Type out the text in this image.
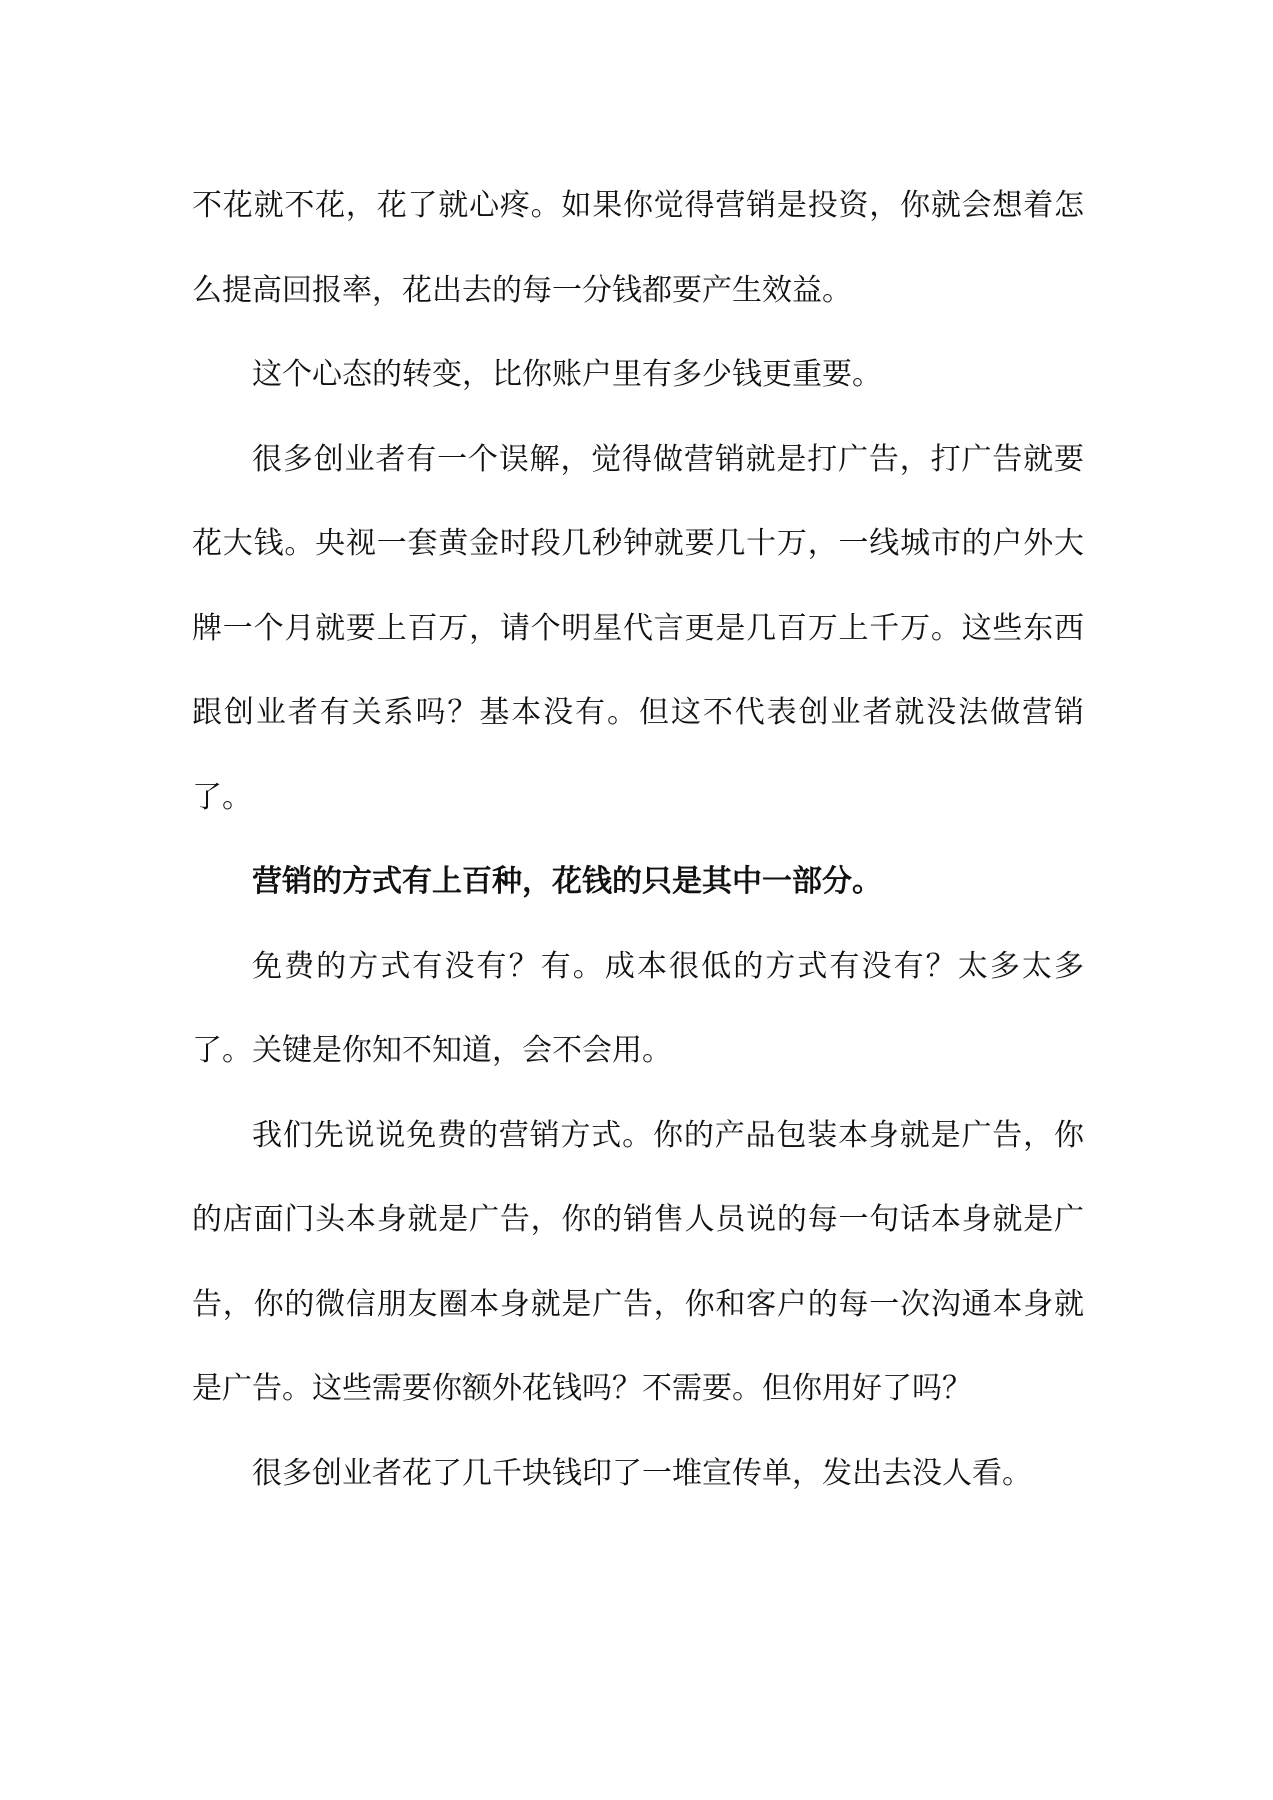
不花就不花，花了就心疼。如果你觉得营销是投资，你就会想着怎么提高回报率，花出去的每一分钱都要产生效益。

这个心态的转变，比你账户里有多少钱更重要。

很多创业者有一个误解，觉得做营销就是打广告，打广告就要花大钱。央视一套黄金时段几秒钟就要几十万，一线城市的户外大牌一个月就要上百万，请个明星代言更是几百万上千万。这些东西跟创业者有关系吗？基本没有。但这不代表创业者就没法做营销了。

营销的方式有上百种，花钱的只是其中一部分。

免费的方式有没有？有。成本很低的方式有没有？太多太多了。关键是你知不知道，会不会用。

我们先说说免费的营销方式。你的产品包装本身就是广告，你的店面门头本身就是广告，你的销售人员说的每一句话本身就是广告，你的微信朋友圈本身就是广告，你和客户的每一次沟通本身就是广告。这些需要你额外花钱吗？不需要。但你用好了吗？

很多创业者花了几千块钱印了一堆宣传单，发出去没人看。
